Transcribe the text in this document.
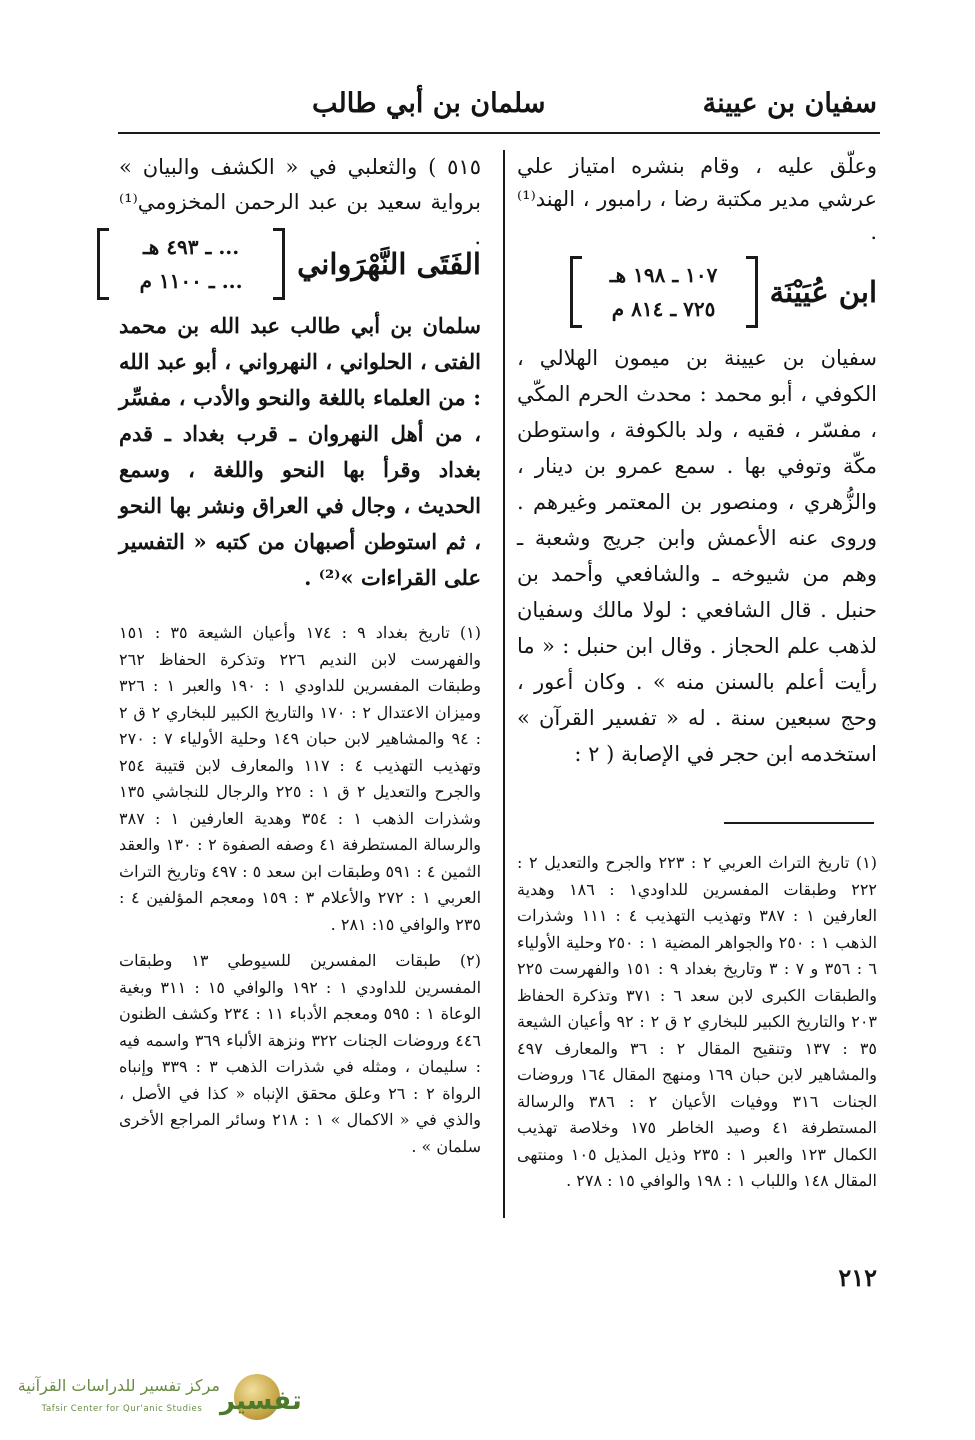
سفيان بن عيينة
سلمان بن أبي طالب

وعلّق عليه ، وقام بنشره امتياز علي عرشي مدير مكتبة رضا ، رامبور ، الهند⁽¹⁾ .

ابن عُيَيْنَة
١٠٧ ـ ١٩٨ هـ
٧٢٥ ـ ٨١٤ م

سفيان بن عيينة بن ميمون الهلالي ، الكوفي ، أبو محمد : محدث الحرم المكّي ، مفسّر ، فقيه ، ولد بالكوفة ، واستوطن مكّة وتوفي بها . سمع عمرو بن دينار ، والزُّهري ، ومنصور بن المعتمر وغيرهم . وروى عنه الأعمش وابن جريج وشعبة ـ وهم من شيوخه ـ والشافعي وأحمد بن حنبل . قال الشافعي : لولا مالك وسفيان لذهب علم الحجاز . وقال ابن حنبل : « ما رأيت أعلم بالسنن منه » . وكان أعور ، وحج سبعين سنة . له « تفسير القرآن » استخدمه ابن حجر في الإصابة ( ٢ :

(١) تاريخ التراث العربي ٢ : ٢٢٣ والجرح والتعديل ٢ : ٢٢٢ وطبقات المفسرين للداودي١ : ١٨٦ وهدية العارفين ١ : ٣٨٧ وتهذيب التهذيب ٤ : ١١١ وشذرات الذهب ١ : ٢٥٠ والجواهر المضية ١ : ٢٥٠ وحلية الأولياء ٦ : ٣٥٦ و ٧ : ٣ وتاريخ بغداد ٩ : ١٥١ والفهرست ٢٢٥ والطبقات الكبرى لابن سعد ٦ : ٣٧١ وتذكرة الحفاظ ٢٠٣ والتاريخ الكبير للبخاري ٢ ق ٢ : ٩٢ وأعيان الشيعة ٣٥ : ١٣٧ وتنقيح المقال ٢ : ٣٦ والمعارف ٤٩٧ والمشاهير لابن حبان ١٦٩ ومنهج المقال ١٦٤ وروضات الجنات ٣١٦ ووفيات الأعيان ٢ : ٣٨٦ والرسالة المستطرفة ٤١ وصيد الخاطر ١٧٥ وخلاصة تهذيب الكمال ١٢٣ والعبر ١ : ٢٣٥ وذيل المذيل ١٠٥ ومنتهى المقال ١٤٨ واللباب ١ : ١٩٨ والوافي ١٥ : ٢٧٨ .

٥١٥ ) والثعلبي في « الكشف والبيان » برواية سعيد بن عبد الرحمن المخزومي⁽¹⁾ .

الفَتَى النَّهْرَواني
... ـ ٤٩٣ هـ
... ـ ١١٠٠ م

سلمان بن أبي طالب عبد الله بن محمد الفتى ، الحلواني ، النهرواني ، أبو عبد الله : من العلماء باللغة والنحو والأدب ، مفسِّر ، من أهل النهروان ـ قرب بغداد ـ قدم بغداد وقرأ بها النحو واللغة ، وسمع الحديث ، وجال في العراق ونشر بها النحو ، ثم استوطن أصبهان من كتبه « التفسير على القراءات »⁽²⁾ .

(١) تاريخ بغداد ٩ : ١٧٤ وأعيان الشيعة ٣٥ : ١٥١ والفهرست لابن النديم ٢٢٦ وتذكرة الحفاظ ٢٦٢ وطبقات المفسرين للداودي ١ : ١٩٠ والعبر ١ : ٣٢٦ وميزان الاعتدال ٢ : ١٧٠ والتاريخ الكبير للبخاري ٢ ق ٢ : ٩٤ والمشاهير لابن حبان ١٤٩ وحلية الأولياء ٧ : ٢٧٠ وتهذيب التهذيب ٤ : ١١٧ والمعارف لابن قتيبة ٢٥٤ والجرح والتعديل ٢ ق ١ : ٢٢٥ والرجال للنجاشي ١٣٥ وشذرات الذهب ١ : ٣٥٤ وهدية العارفين ١ : ٣٨٧ والرسالة المستطرفة ٤١ وصفه الصفوة ٢ : ١٣٠ والعقد الثمين ٤ : ٥٩١ وطبقات ابن سعد ٥ : ٤٩٧ وتاريخ التراث العربي ١ : ٢٧٢ والأعلام ٣ : ١٥٩ ومعجم المؤلفين ٤ : ٢٣٥ والوافي ١٥: ٢٨١ .

(٢) طبقات المفسرين للسيوطي ١٣ وطبقات المفسرين للداودي ١ : ١٩٢ والوافي ١٥ : ٣١١ وبغية الوعاة ١ : ٥٩٥ ومعجم الأدباء ١١ : ٢٣٤ وكشف الظنون ٤٤٦ وروضات الجنات ٣٢٢ ونزهة الألباء ٣٦٩ واسمه فيه : سليمان ، ومثله في شذرات الذهب ٣ : ٣٣٩ وإنباه الرواة ٢ : ٢٦ وعلق محقق الإنباه « كذا في الأصل ، والذي في « الاكمال » ١ : ٢١٨ وسائر المراجع الأخرى سلمان » .

٢١٢
تفسير
مركز تفسير للدراسات القرآنية
Tafsir Center for Qur'anic Studies
